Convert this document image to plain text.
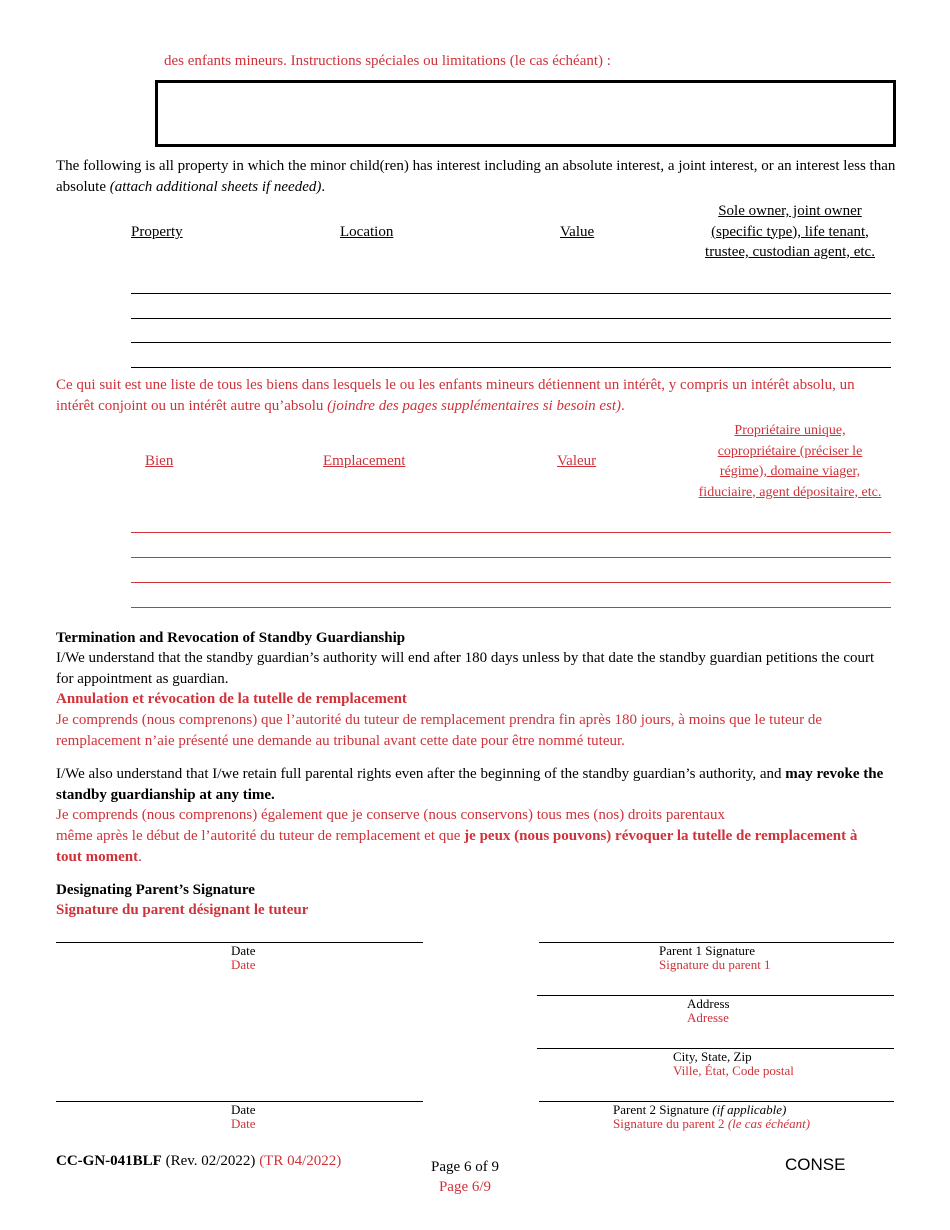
des enfants mineurs. Instructions spéciales ou limitations (le cas échéant) :
The following is all property in which the minor child(ren) has interest including an absolute interest, a joint interest, or an interest less than absolute (attach additional sheets if needed).
Property	Location	Value
Sole owner, joint owner
(specific type), life tenant,
trustee, custodian agent, etc.
Ce qui suit est une liste de tous les biens dans lesquels le ou les enfants mineurs détiennent un intérêt, y compris un intérêt absolu, un intérêt conjoint ou un intérêt autre qu’absolu (joindre des pages supplémentaires si besoin est).
Bien	Emplacement	Valeur
Propriétaire unique,
copropriétaire (préciser le
régime), domaine viager,
fiduciaire, agent dépositaire, etc.
Termination and Revocation of Standby Guardianship
I/We understand that the standby guardian’s authority will end after 180 days unless by that date the standby guardian petitions the court for appointment as guardian.
Annulation et révocation de la tutelle de remplacement
Je comprends (nous comprenons) que l’autorité du tuteur de remplacement prendra fin après 180 jours, à moins que le tuteur de remplacement n’aie présenté une demande au tribunal avant cette date pour être nommé tuteur.
I/We also understand that I/we retain full parental rights even after the beginning of the standby guardian’s authority, and may revoke the standby guardianship at any time.
Je comprends (nous comprenons) également que je conserve (nous conservons) tous mes (nos) droits parentaux
même après le début de l’autorité du tuteur de remplacement et que je peux (nous pouvons) révoquer la tutelle de remplacement à tout moment.
Designating Parent’s Signature
Signature du parent désignant le tuteur
Date
Date
Parent 1 Signature
Signature du parent 1
Address
Adresse
City, State, Zip
Ville, État, Code postal
Date
Date
Parent 2 Signature (if applicable)
Signature du parent 2 (le cas échéant)
CC-GN-041BLF (Rev. 02/2022) (TR 04/2022)	Page 6 of 9
Page 6/9
CONSE
